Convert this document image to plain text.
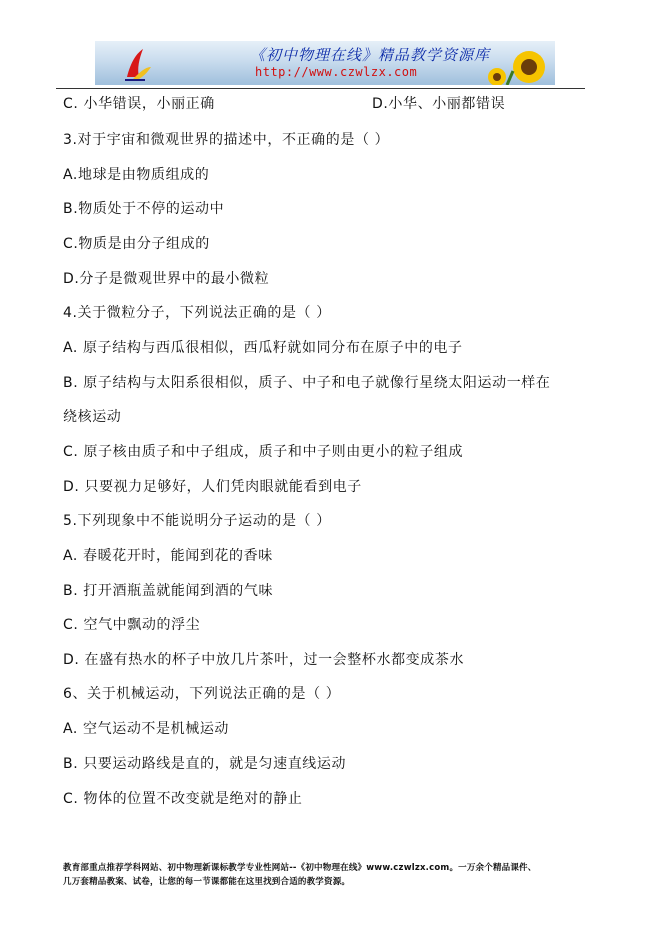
《初中物理在线》精品教学资源库
http://www.czwlzx.com
C. 小华错误，小丽正确	D.小华、小丽都错误
3.对于宇宙和微观世界的描述中，不正确的是（ ）
A.地球是由物质组成的
B.物质处于不停的运动中
C.物质是由分子组成的
D.分子是微观世界中的最小微粒
4.关于微粒分子，下列说法正确的是（ ）
A. 原子结构与西瓜很相似，西瓜籽就如同分布在原子中的电子
B. 原子结构与太阳系很相似，质子、中子和电子就像行星绕太阳运动一样在
绕核运动
C. 原子核由质子和中子组成，质子和中子则由更小的粒子组成
D. 只要视力足够好，人们凭肉眼就能看到电子
5.下列现象中不能说明分子运动的是（ ）
A. 春暖花开时，能闻到花的香味
B. 打开酒瓶盖就能闻到酒的气味
C. 空气中飘动的浮尘
D. 在盛有热水的杯子中放几片茶叶，过一会整杯水都变成茶水
6、关于机械运动，下列说法正确的是（ ）
A. 空气运动不是机械运动
B. 只要运动路线是直的，就是匀速直线运动
C. 物体的位置不改变就是绝对的静止
教育部重点推荐学科网站、初中物理新课标教学专业性网站--《初中物理在线》www.czwlzx.com。一万余个精品课件、
几万套精品教案、试卷，让您的每一节课都能在这里找到合适的教学资源。
